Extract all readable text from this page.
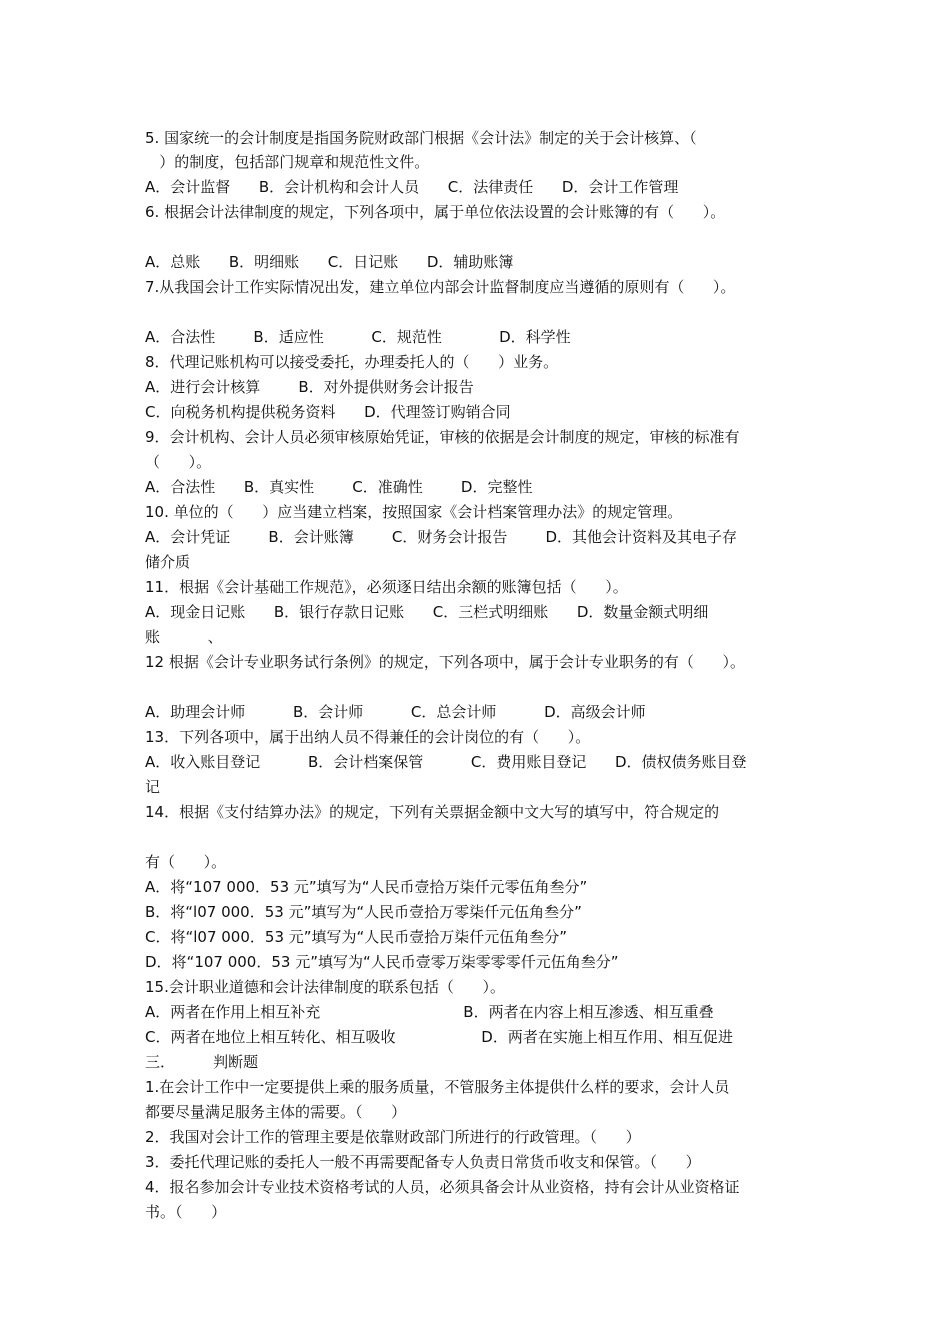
5. 国家统一的会计制度是指国务院财政部门根据《会计法》制定的关于会计核算、（
）的制度，包括部门规章和规范性文件。
A．会计监督      B．会计机构和会计人员      C．法律责任      D．会计工作管理
6. 根据会计法律制度的规定，下列各项中，属于单位依法设置的会计账簿的有（      ）。
A．总账      B．明细账      C．日记账      D．辅助账簿
7.从我国会计工作实际情况出发，建立单位内部会计监督制度应当遵循的原则有（      ）。
A．合法性        B．适应性          C．规范性            D．科学性
8．代理记账机构可以接受委托，办理委托人的（      ）业务。
A．进行会计核算        B．对外提供财务会计报告
C．向税务机构提供税务资料      D．代理签订购销合同
9．会计机构、会计人员必须审核原始凭证，审核的依据是会计制度的规定，审核的标准有
（      ）。
A．合法性      B．真实性        C．准确性        D．完整性
10. 单位的（      ）应当建立档案，按照国家《会计档案管理办法》的规定管理。
A．会计凭证        B．会计账簿        C．财务会计报告        D．其他会计资料及其电子存
储介质
11．根据《会计基础工作规范》，必须逐日结出余额的账簿包括（      ）。
A．现金日记账      B．银行存款日记账      C．三栏式明细账      D．数量金额式明细
账          、
12 根据《会计专业职务试行条例》的规定，下列各项中，属于会计专业职务的有（      ）。
A．助理会计师          B．会计师          C．总会计师          D．高级会计师
13．下列各项中，属于出纳人员不得兼任的会计岗位的有（      ）。
A．收入账目登记          B．会计档案保管          C．费用账目登记      D．债权债务账目登
记
14．根据《支付结算办法》的规定，下列有关票据金额中文大写的填写中，符合规定的
有（      ）。
A．将“107 000．53 元”填写为“人民币壹拾万柒仟元零伍角叁分”
B．将“l07 000．53 元”填写为“人民币壹拾万零柒仟元伍角叁分”
C．将“l07 000．53 元”填写为“人民币壹拾万柒仟元伍角叁分”
D．将“107 000．53 元”填写为“人民币壹零万柒零零零仟元伍角叁分”
15.会计职业道德和会计法律制度的联系包括（      ）。
A．两者在作用上相互补充                              B．两者在内容上相互渗透、相互重叠
C．两者在地位上相互转化、相互吸收                  D．两者在实施上相互作用、相互促进
三．        判断题
1.在会计工作中一定要提供上乘的服务质量，不管服务主体提供什么样的要求，会计人员
都要尽量满足服务主体的需要。（      ）
2．我国对会计工作的管理主要是依靠财政部门所进行的行政管理。（      ）
3．委托代理记账的委托人一般不再需要配备专人负责日常货币收支和保管。（      ）
4．报名参加会计专业技术资格考试的人员，必须具备会计从业资格，持有会计从业资格证
书。（      ）
